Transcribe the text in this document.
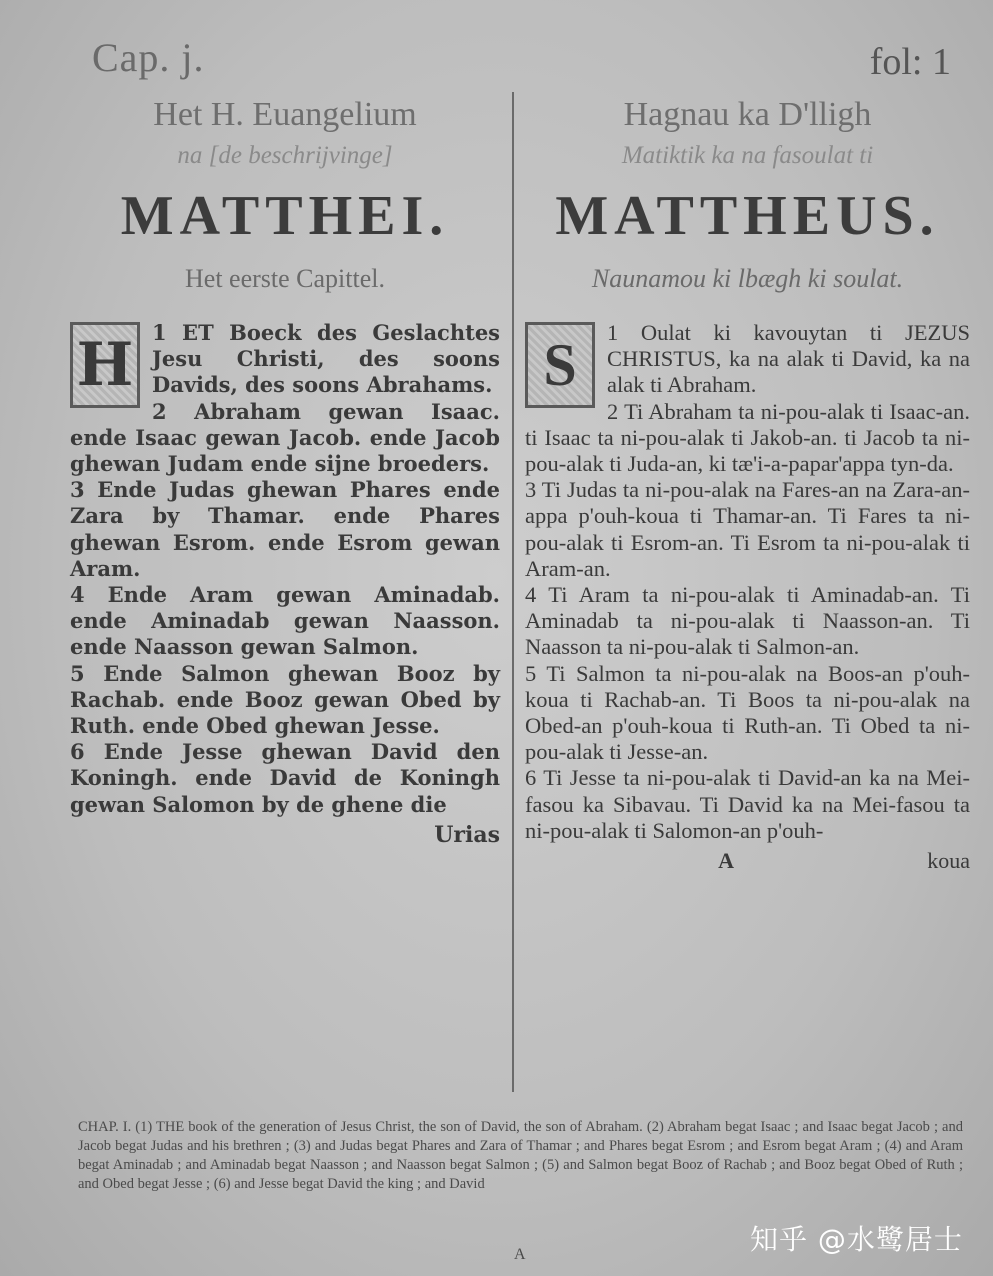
Cap. j.	fol: 1
Het H. Euangelium
na [de beschrijvinge]
MATTHEI.
Het eerste Capittel.
H 1 ET Boeck des Geslachtes Jesu Christi, des soons Davids, des soons Abrahams.

2 Abraham gewan Isaac. ende Isaac gewan Jacob. ende Jacob ghewan Judam ende sijne broeders.

3 Ende Judas ghewan Phares ende Zara by Thamar. ende Phares ghewan Esrom. ende Esrom gewan Aram.

4 Ende Aram gewan Aminadab. ende Aminadab gewan Naasson. ende Naasson gewan Salmon.

5 Ende Salmon ghewan Booz by Rachab. ende Booz gewan Obed by Ruth. ende Obed ghewan Jesse.

6 Ende Jesse ghewan David den Koningh. ende David de Koningh gewan Salomon by de ghene die

Urias
Hagnau ka D'lligh
Matiktik ka na fasoulat ti
MATTHEUS.
Naunamou ki lbægh ki soulat.
S	1 Oulat ki kavouytan ti JEZUS CHRISTUS, ka na alak ti David, ka na alak ti Abraham.

2 Ti Abraham ta ni-pou-alak ti Isaac-an. ti Isaac ta ni-pou-alak ti Jakob-an. ti Jacob ta ni-pou-alak ti Juda-an, ki tæ'i-a-papar'appa tyn-da.

3 Ti Judas ta ni-pou-alak na Fares-an na Zara-an-appa p'ouh-koua ti Thamar-an. Ti Fares ta ni-pou-alak ti Esrom-an. Ti Esrom ta ni-pou-alak ti Aram-an.

4 Ti Aram ta ni-pou-alak ti Aminadab-an. Ti Aminadab ta ni-pou-alak ti Naasson-an. Ti Naasson ta ni-pou-alak ti Salmon-an.

5 Ti Salmon ta ni-pou-alak na Boos-an p'ouh-koua ti Rachab-an. Ti Boos ta ni-pou-alak na Obed-an p'ouh-koua ti Ruth-an. Ti Obed ta ni-pou-alak ti Jesse-an.

6 Ti Jesse ta ni-pou-alak ti David-an ka na Mei-fasou ka Sibavau. Ti David ka na Mei-fasou ta ni-pou-alak ti Salomon-an p'ouh-

A	koua
CHAP. I. (1) THE book of the generation of Jesus Christ, the son of David, the son of Abraham. (2) Abraham begat Isaac ; and Isaac begat Jacob ; and Jacob begat Judas and his brethren ; (3) and Judas begat Phares and Zara of Thamar ; and Phares begat Esrom ; and Esrom begat Aram ; (4) and Aram begat Aminadab ; and Aminadab begat Naasson ; and Naasson begat Salmon ; (5) and Salmon begat Booz of Rachab ; and Booz begat Obed of Ruth ; and Obed begat Jesse ; (6) and Jesse begat David the king ; and David
A	知乎 @水鹭居士
